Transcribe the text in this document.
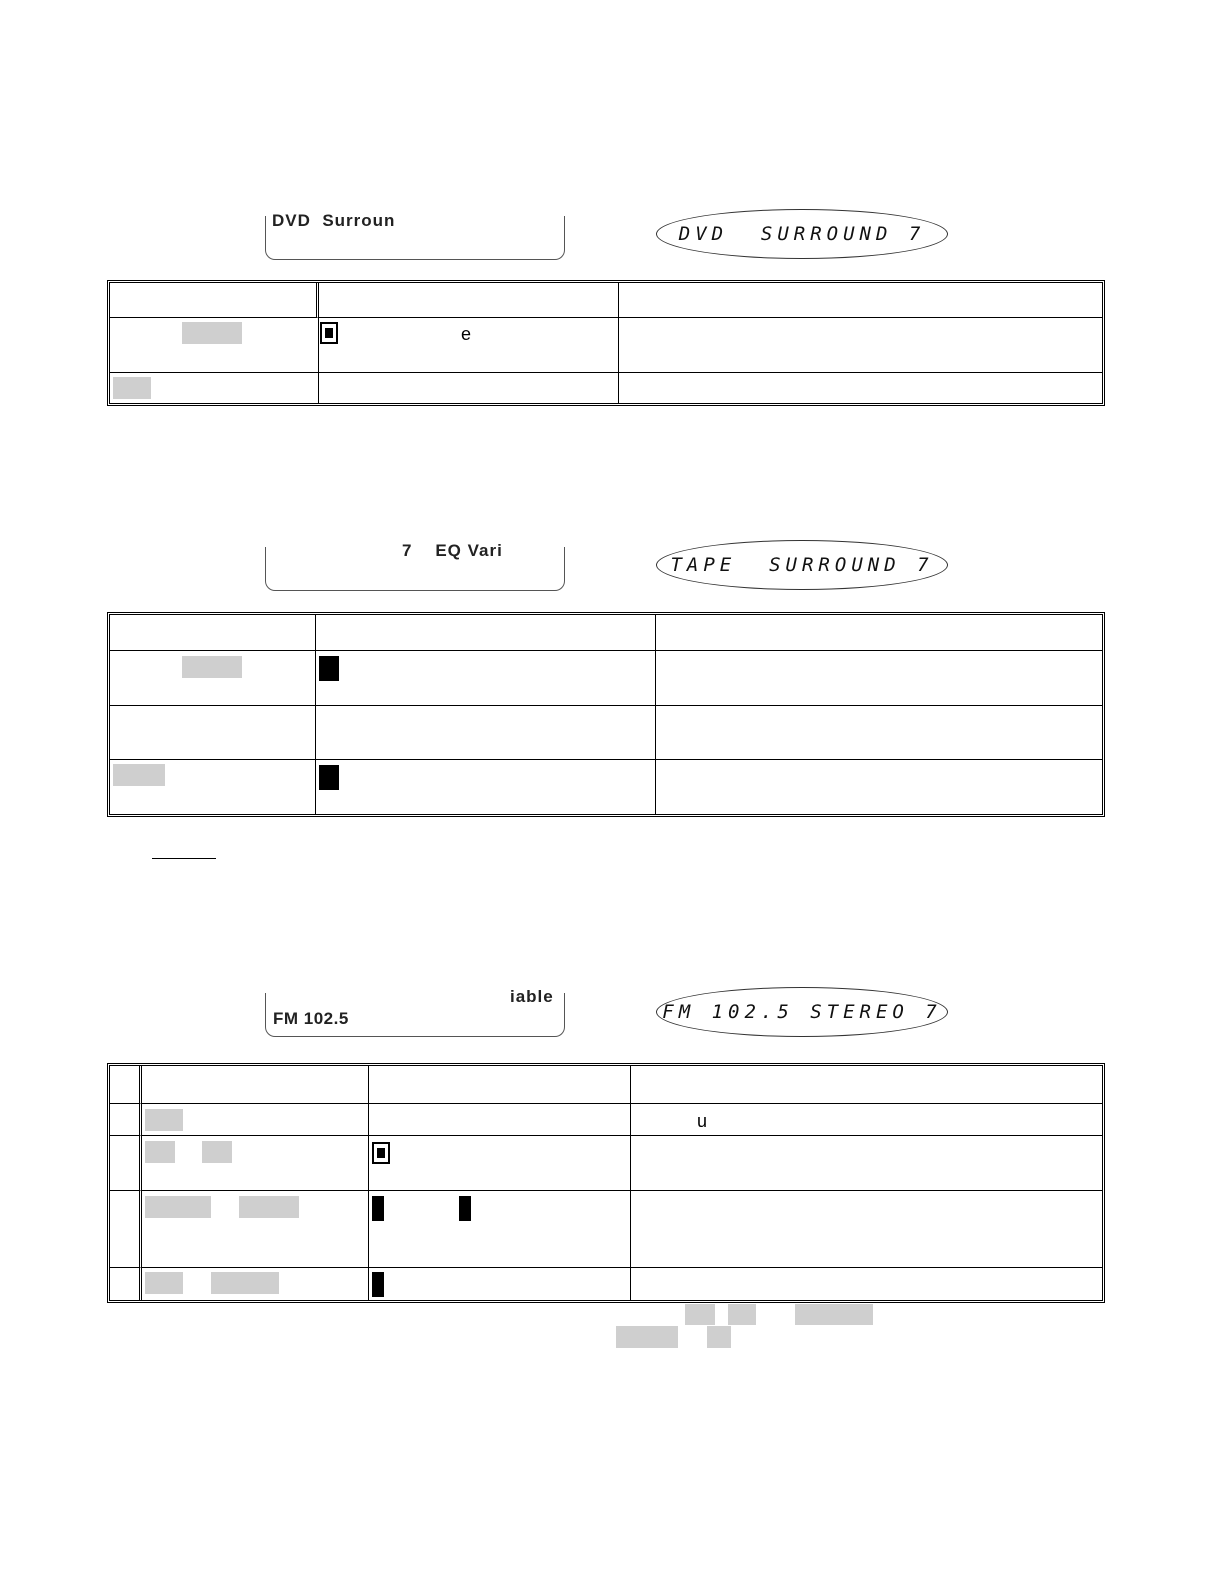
DVD  Surroun
DVD  SURROUND 7
e
7    EQ Vari
TAPE  SURROUND 7
iable
FM 102.5	FM 102.5 STEREO 7
u
